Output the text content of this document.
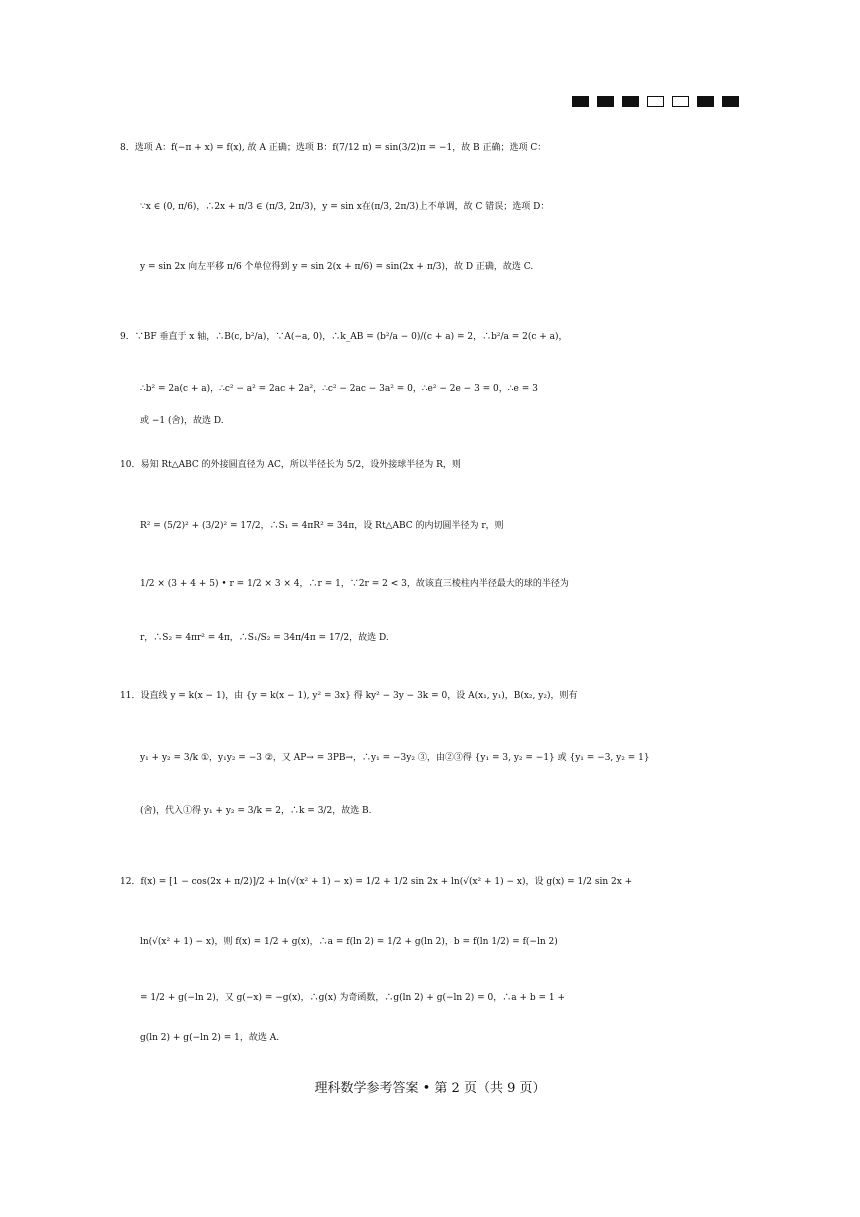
8．选项 A：f(−π + x) = f(x), 故 A 正确；选项 B：f(7/12 π) = sin(3/2)π = −1，故 B 正确；选项 C：
∵x ∈ (0, π/6)，∴2x + π/3 ∈ (π/3, 2π/3)，y = sin x在(π/3, 2π/3)上不单调，故 C 错误；选项 D：
y = sin 2x 向左平移 π/6 个单位得到 y = sin 2(x + π/6) = sin(2x + π/3)，故 D 正确，故选 C.
9．∵BF 垂直于 x 轴，∴B(c, b²/a)，∵A(−a, 0)，∴k_AB = (b²/a − 0)/(c + a) = 2，∴b²/a = 2(c + a)，
∴b² = 2a(c + a)，∴c² − a² = 2ac + 2a²，∴c² − 2ac − 3a² = 0，∴e² − 2e − 3 = 0，∴e = 3
或 −1 (舍)，故选 D.
10．易知 Rt△ABC 的外接圆直径为 AC，所以半径长为 5/2，设外接球半径为 R，则
R² = (5/2)² + (3/2)² = 17/2，∴S₁ = 4πR² = 34π，设 Rt△ABC 的内切圆半径为 r，则
1/2 × (3 + 4 + 5) • r = 1/2 × 3 × 4，∴r = 1，∵2r = 2 < 3，故该直三棱柱内半径最大的球的半径为
r，∴S₂ = 4πr² = 4π，∴S₁/S₂ = 34π/4π = 17/2，故选 D.
11．设直线 y = k(x − 1)，由 {y = k(x − 1), y² = 3x} 得 ky² − 3y − 3k = 0，设 A(x₁, y₁)，B(x₂, y₂)，则有
y₁ + y₂ = 3/k ①，y₁y₂ = −3 ②，又 AP→ = 3PB→，∴y₁ = −3y₂ ③，由②③得 {y₁ = 3, y₂ = −1} 或 {y₁ = −3, y₂ = 1}
(舍)，代入①得 y₁ + y₂ = 3/k = 2，∴k = 3/2，故选 B.
12．f(x) = [1 − cos(2x + π/2)]/2 + ln(√(x² + 1) − x) = 1/2 + 1/2 sin 2x + ln(√(x² + 1) − x)，设 g(x) = 1/2 sin 2x +
ln(√(x² + 1) − x)，则 f(x) = 1/2 + g(x)，∴a = f(ln 2) = 1/2 + g(ln 2)，b = f(ln 1/2) = f(−ln 2)
= 1/2 + g(−ln 2)，又 g(−x) = −g(x)，∴g(x) 为奇函数，∴g(ln 2) + g(−ln 2) = 0，∴a + b = 1 +
g(ln 2) + g(−ln 2) = 1，故选 A.
理科数学参考答案 • 第 2 页（共 9 页）
